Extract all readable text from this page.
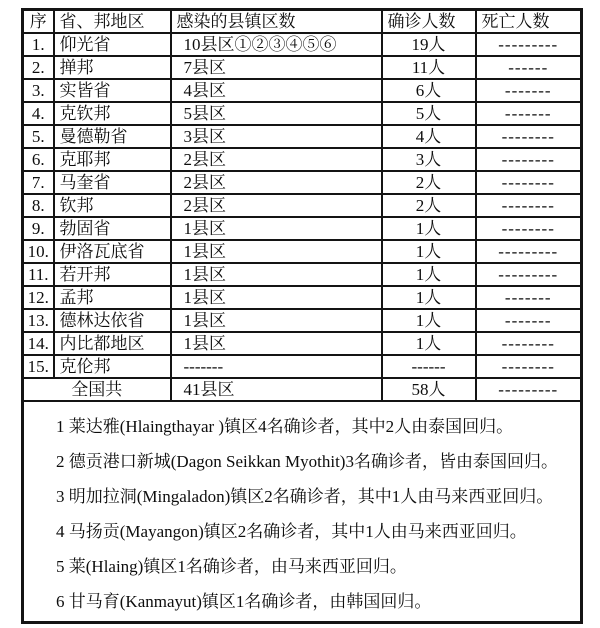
序	省、邦地区	感染的县镇区数	确诊人数	死亡人数
1.	仰光省	10县区①②③④⑤⑥	19人	---------
2.	掸邦	7县区	11人	------
3.	实皆省	4县区	6人	-------
4.	克钦邦	5县区	5人	-------
5.	曼德勒省	3县区	4人	--------
6.	克耶邦	2县区	3人	--------
7.	马奎省	2县区	2人	--------
8.	钦邦	2县区	2人	--------
9.	勃固省	1县区	1人	--------
10.	伊洛瓦底省	1县区	1人	---------
11.	若开邦	1县区	1人	---------
12.	孟邦	1县区	1人	-------
13.	德林达依省	1县区	1人	-------
14.	内比都地区	1县区	1人	--------
15.	克伦邦	-------	------	--------
全国共		41县区	58人	---------

1 莱达雅(Hlaingthayar )镇区4名确诊者，其中2人由泰国回归。
2 德贡港口新城(Dagon Seikkan Myothit)3名确诊者，皆由泰国回归。
3 明加拉洞(Mingaladon)镇区2名确诊者，其中1人由马来西亚回归。
4 马扬贡(Mayangon)镇区2名确诊者，其中1人由马来西亚回归。
5 莱(Hlaing)镇区1名确诊者，由马来西亚回归。
6 甘马育(Kanmayut)镇区1名确诊者，由韩国回归。
